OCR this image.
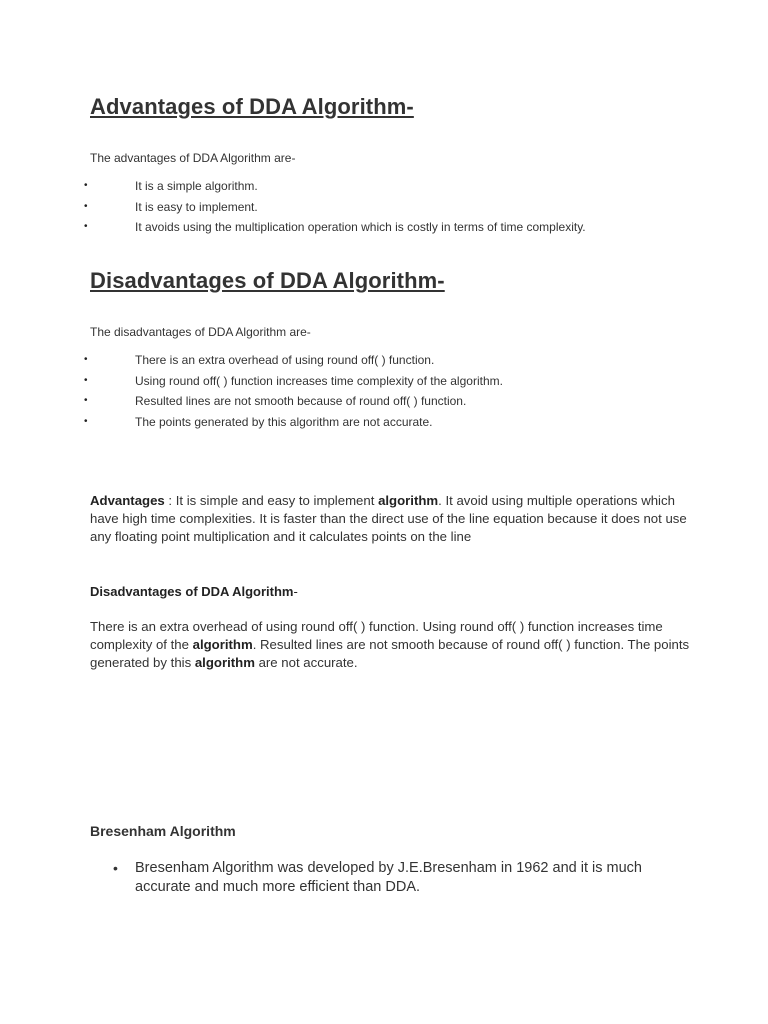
Advantages of DDA Algorithm-

The advantages of DDA Algorithm are-

•	It is a simple algorithm.
•	It is easy to implement.
•	It avoids using the multiplication operation which is costly in terms of time complexity.
Disadvantages of DDA Algorithm-

The disadvantages of DDA Algorithm are-

•	There is an extra overhead of using round off( ) function.
•	Using round off( ) function increases time complexity of the algorithm.
•	Resulted lines are not smooth because of round off( ) function.
•	The points generated by this algorithm are not accurate.

Advantages : It is simple and easy to implement algorithm. It avoid using multiple operations which have high time complexities. It is faster than the direct use of the line equation because it does not use any floating point multiplication and it calculates points on the line

Disadvantages of DDA Algorithm-

There is an extra overhead of using round off( ) function. Using round off( ) function increases time complexity of the algorithm. Resulted lines are not smooth because of round off( ) function. The points generated by this algorithm are not accurate.

Bresenham Algorithm

• Bresenham Algorithm was developed by J.E.Bresenham in 1962 and it is much accurate and much more efficient than DDA.
